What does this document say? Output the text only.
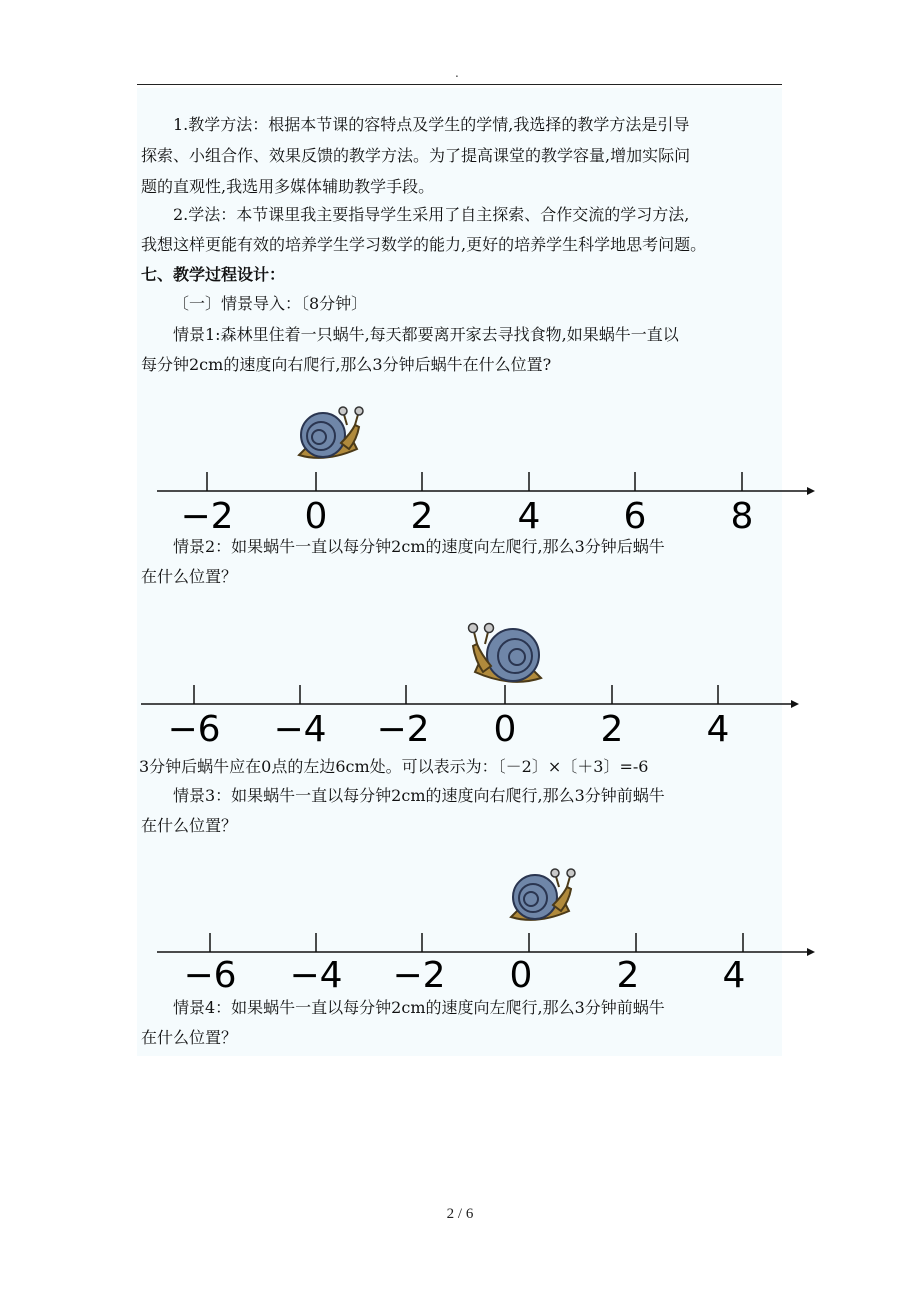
.
1.教学方法：根据本节课的容特点及学生的学情,我选择的教学方法是引导
探索、小组合作、效果反馈的教学方法。为了提高课堂的教学容量,增加实际问
题的直观性,我选用多媒体辅助教学手段。
2.学法：本节课里我主要指导学生采用了自主探索、合作交流的学习方法,
我想这样更能有效的培养学生学习数学的能力,更好的培养学生科学地思考问题。
七、教学过程设计：
〔一〕情景导入：〔8分钟〕
情景1:森林里住着一只蜗牛,每天都要离开家去寻找食物,如果蜗牛一直以
每分钟2cm的速度向右爬行,那么3分钟后蜗牛在什么位置?
−2 0 2 4 6 8
情景2：如果蜗牛一直以每分钟2cm的速度向左爬行,那么3分钟后蜗牛
在什么位置？
−6 −4 −2 0 2 4
3分钟后蜗牛应在0点的左边6cm处。可以表示为：〔－2〕×〔＋3〕=-6
情景3：如果蜗牛一直以每分钟2cm的速度向右爬行,那么3分钟前蜗牛
在什么位置？
−6 −4 −2 0 2 4
情景4：如果蜗牛一直以每分钟2cm的速度向左爬行,那么3分钟前蜗牛
在什么位置？
2 / 6
